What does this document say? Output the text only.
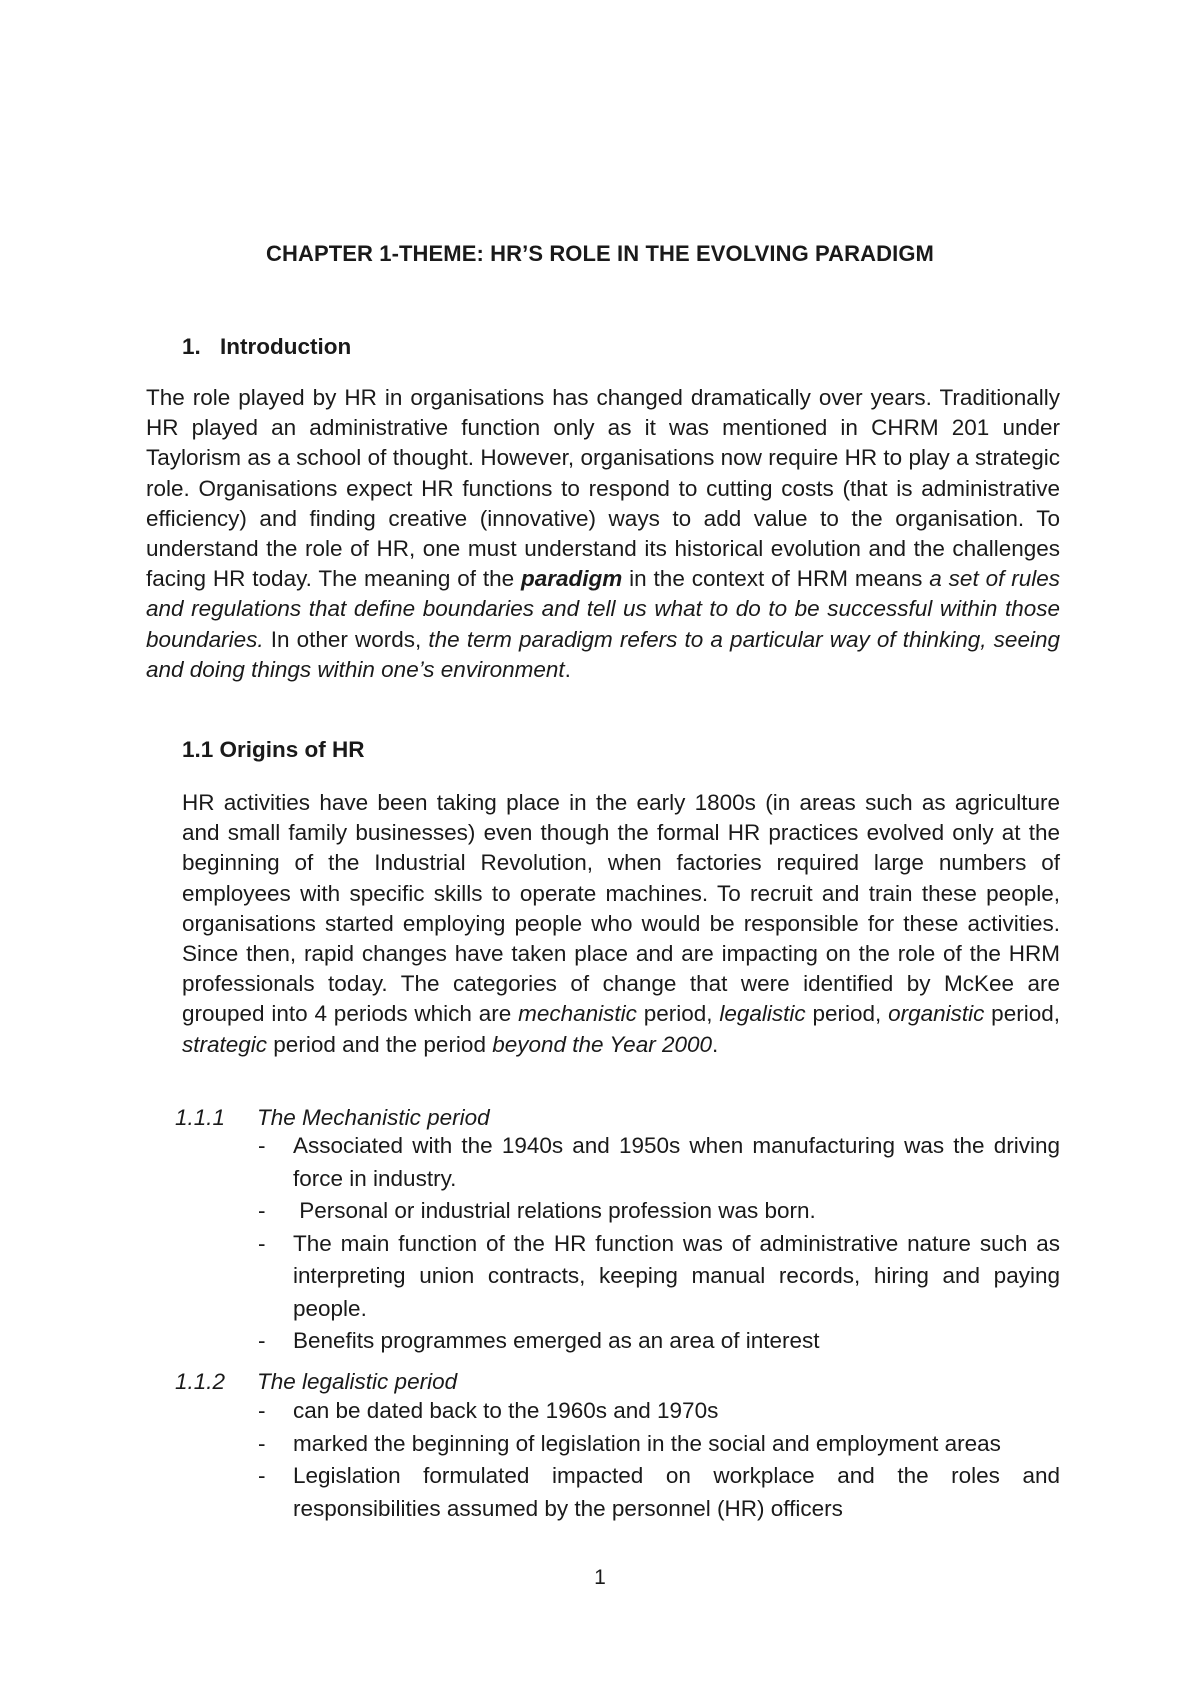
CHAPTER 1-THEME: HR’S ROLE IN THE EVOLVING PARADIGM
1. Introduction

The role played by HR in organisations has changed dramatically over years. Traditionally HR played an administrative function only as it was mentioned in CHRM 201 under Taylorism as a school of thought. However, organisations now require HR to play a strategic role. Organisations expect HR functions to respond to cutting costs (that is administrative efficiency) and finding creative (innovative) ways to add value to the organisation. To understand the role of HR, one must understand its historical evolution and the challenges facing HR today. The meaning of the paradigm in the context of HRM means a set of rules and regulations that define boundaries and tell us what to do to be successful within those boundaries. In other words, the term paradigm refers to a particular way of thinking, seeing and doing things within one’s environment.

1.1 Origins of HR

HR activities have been taking place in the early 1800s (in areas such as agriculture and small family businesses) even though the formal HR practices evolved only at the beginning of the Industrial Revolution, when factories required large numbers of employees with specific skills to operate machines. To recruit and train these people, organisations started employing people who would be responsible for these activities. Since then, rapid changes have taken place and are impacting on the role of the HRM professionals today. The categories of change that were identified by McKee are grouped into 4 periods which are mechanistic period, legalistic period, organistic period, strategic period and the period beyond the Year 2000.

1.1.1 The Mechanistic period
- Associated with the 1940s and 1950s when manufacturing was the driving force in industry.
- Personal or industrial relations profession was born.
- The main function of the HR function was of administrative nature such as interpreting union contracts, keeping manual records, hiring and paying people.
- Benefits programmes emerged as an area of interest
1.1.2 The legalistic period
- can be dated back to the 1960s and 1970s
- marked the beginning of legislation in the social and employment areas
- Legislation formulated impacted on workplace and the roles and responsibilities assumed by the personnel (HR) officers
1
